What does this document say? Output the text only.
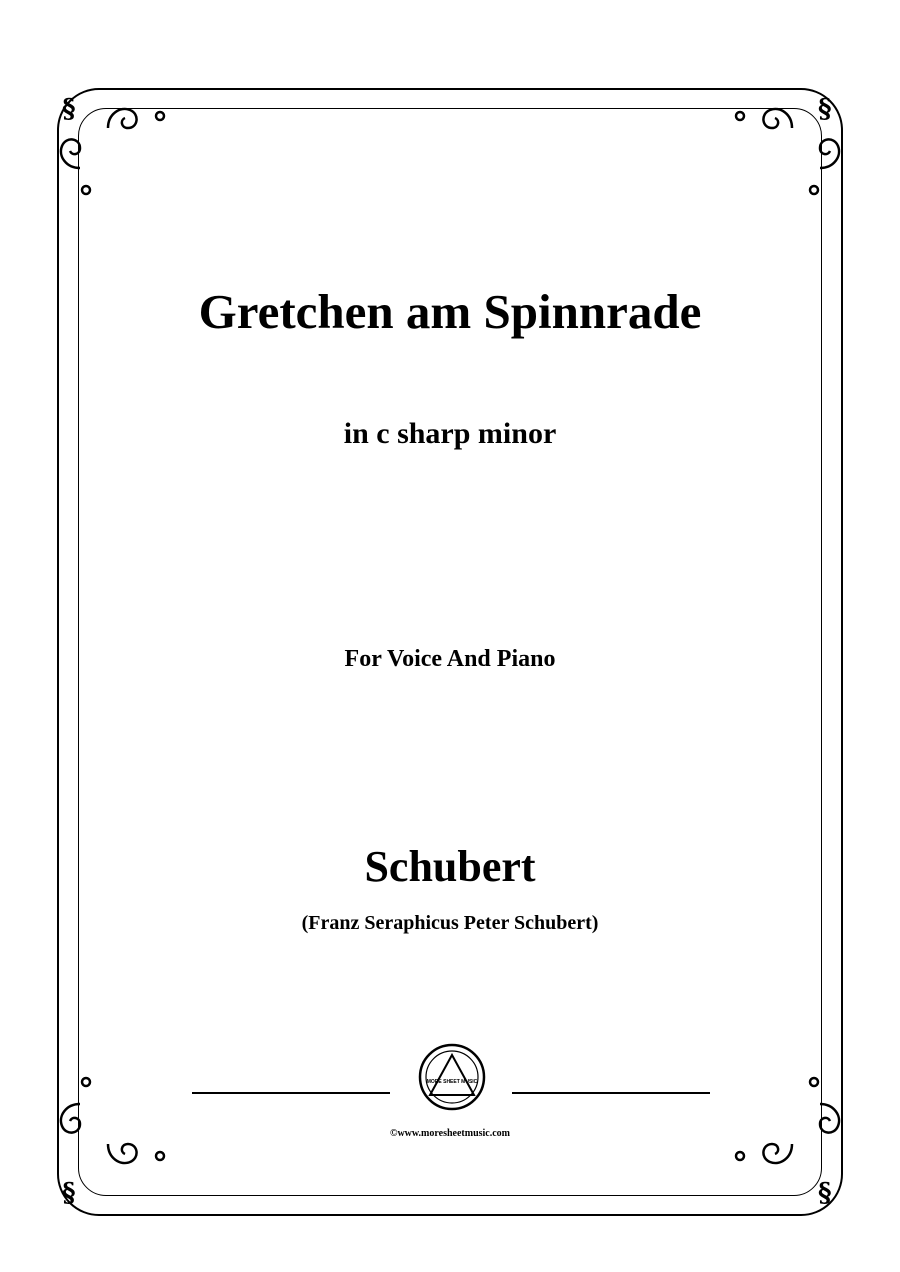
§	§
§	§
Gretchen am Spinnrade
in c sharp minor
For Voice And Piano
Schubert
(Franz Seraphicus Peter Schubert)
MORE SHEET MUSIC
©www.moresheetmusic.com
